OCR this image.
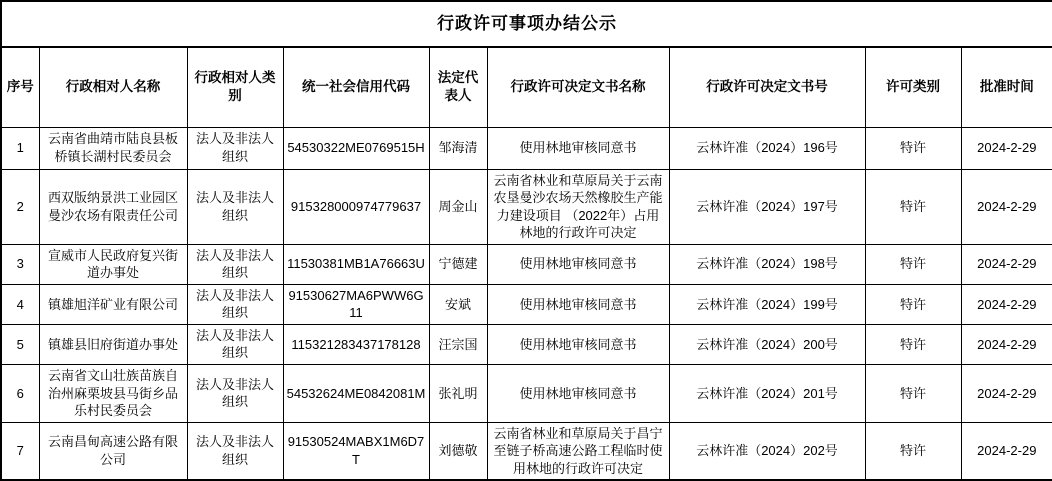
行政许可事项办结公示								
序号	行政相对人名称	行政相对人类别	统一社会信用代码	法定代表人	行政许可决定文书名称	行政许可决定文书号	许可类别	批准时间
1	云南省曲靖市陆良县板桥镇长湖村民委员会	法人及非法人组织	54530322ME0769515H	邹海清	使用林地审核同意书	云林许准（2024）196号	特许	2024-2-29
2	西双版纳景洪工业园区曼沙农场有限责任公司	法人及非法人组织	915328000974779637	周金山	云南省林业和草原局关于云南农垦曼沙农场天然橡胶生产能力建设项目 （2022年）占用林地的行政许可决定	云林许准（2024）197号	特许	2024-2-29
3	宣威市人民政府复兴街道办事处	法人及非法人组织	11530381MB1A76663U	宁德建	使用林地审核同意书	云林许准（2024）198号	特许	2024-2-29
4	镇雄旭洋矿业有限公司	法人及非法人组织	91530627MA6PWW6G11	安斌	使用林地审核同意书	云林许准（2024）199号	特许	2024-2-29
5	镇雄县旧府街道办事处	法人及非法人组织	115321283437178128	汪宗国	使用林地审核同意书	云林许准（2024）200号	特许	2024-2-29
6	云南省文山壮族苗族自治州麻栗坡县马街乡品乐村民委员会	法人及非法人组织	54532624ME0842081M	张礼明	使用林地审核同意书	云林许准（2024）201号	特许	2024-2-29
7	云南昌甸高速公路有限公司	法人及非法人组织	91530524MABX1M6D7T	刘德敬	云南省林业和草原局关于昌宁至链子桥高速公路工程临时使用林地的行政许可决定	云林许准（2024）202号	特许	2024-2-29
